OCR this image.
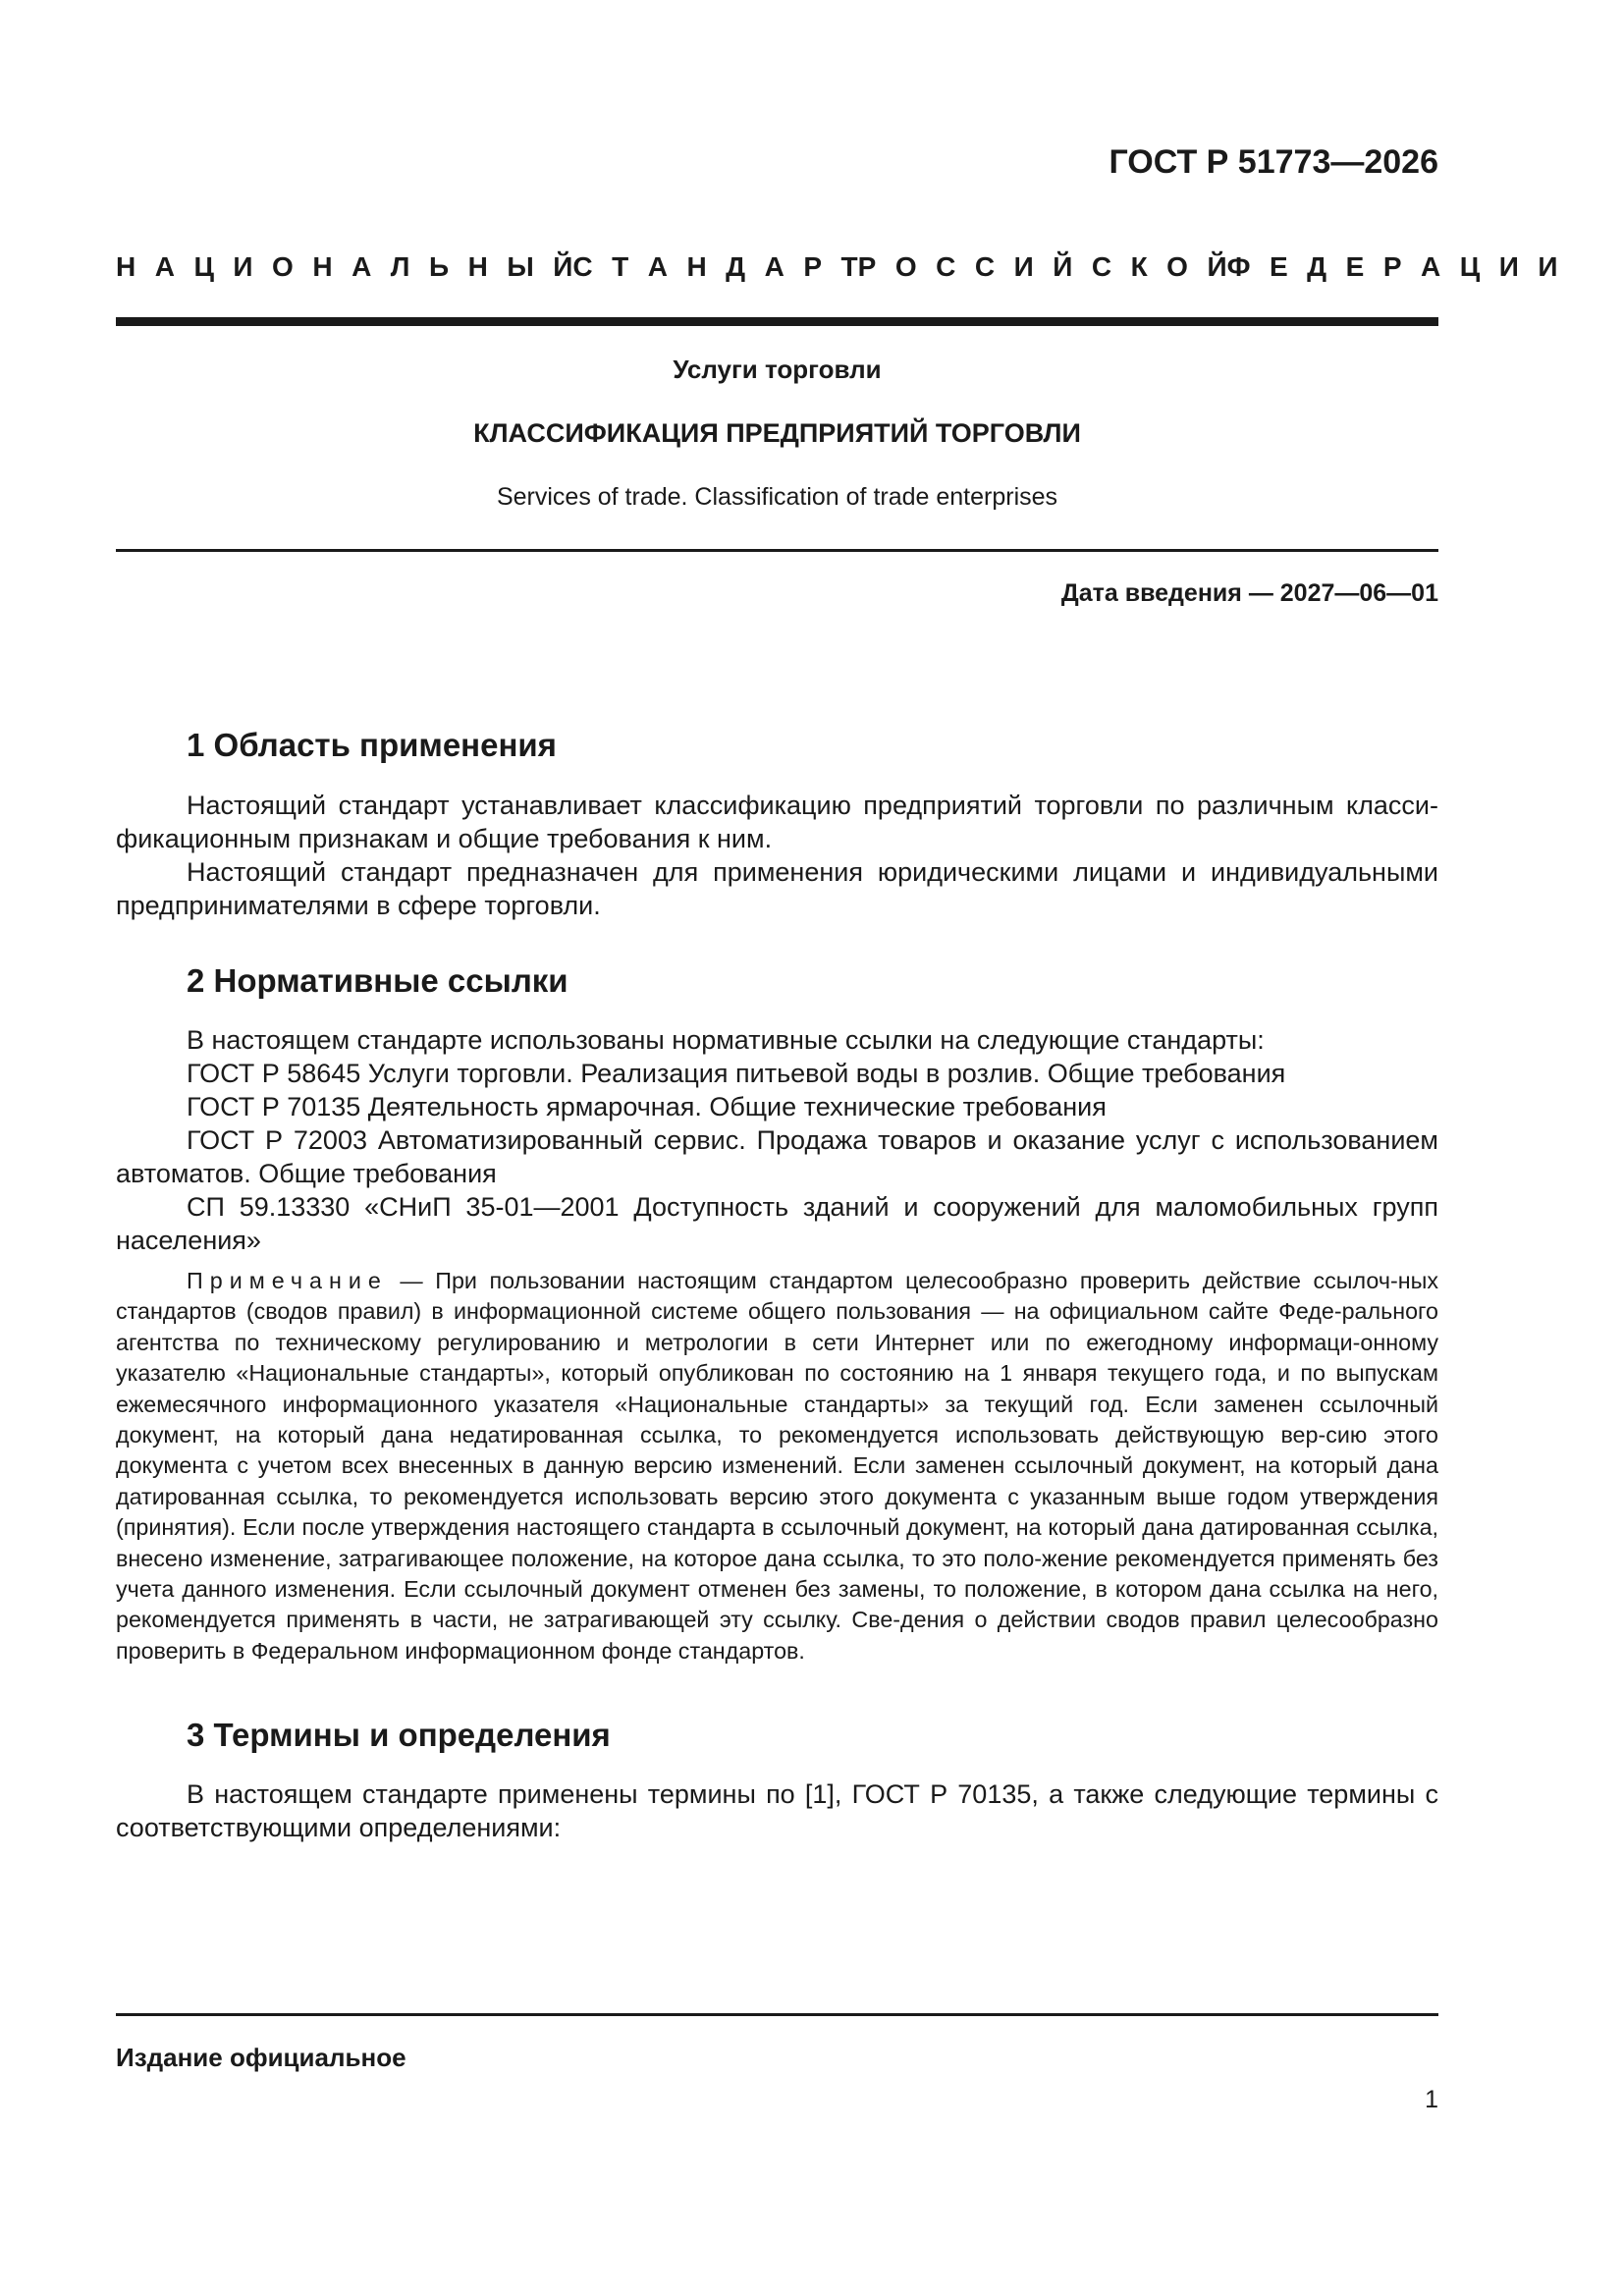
ГОСТ Р 51773—2026
Н А Ц И О Н А Л Ь Н Ы Й С Т А Н Д А Р Т Р О С С И Й С К О Й Ф Е Д Е Р А Ц И И
Услуги торговли
КЛАССИФИКАЦИЯ ПРЕДПРИЯТИЙ ТОРГОВЛИ
Services of trade. Classification of trade enterprises
Дата введения — 2027—06—01
1 Область применения

Настоящий стандарт устанавливает классификацию предприятий торговли по различным класси-фикационным признакам и общие требования к ним.

Настоящий стандарт предназначен для применения юридическими лицами и индивидуальными предпринимателями в сфере торговли.

2 Нормативные ссылки

В настоящем стандарте использованы нормативные ссылки на следующие стандарты:

ГОСТ Р 58645 Услуги торговли. Реализация питьевой воды в розлив. Общие требования

ГОСТ Р 70135 Деятельность ярмарочная. Общие технические требования

ГОСТ Р 72003 Автоматизированный сервис. Продажа товаров и оказание услуг с использованием автоматов. Общие требования

СП 59.13330 «СНиП 35-01—2001 Доступность зданий и сооружений для маломобильных групп населения»

Примечание — При пользовании настоящим стандартом целесообразно проверить действие ссылоч-ных стандартов (сводов правил) в информационной системе общего пользования — на официальном сайте Феде-рального агентства по техническому регулированию и метрологии в сети Интернет или по ежегодному информаци-онному указателю «Национальные стандарты», который опубликован по состоянию на 1 января текущего года, и по выпускам ежемесячного информационного указателя «Национальные стандарты» за текущий год. Если заменен ссылочный документ, на который дана недатированная ссылка, то рекомендуется использовать действующую вер-сию этого документа с учетом всех внесенных в данную версию изменений. Если заменен ссылочный документ, на который дана датированная ссылка, то рекомендуется использовать версию этого документа с указанным выше годом утверждения (принятия). Если после утверждения настоящего стандарта в ссылочный документ, на который дана датированная ссылка, внесено изменение, затрагивающее положение, на которое дана ссылка, то это поло-жение рекомендуется применять без учета данного изменения. Если ссылочный документ отменен без замены, то положение, в котором дана ссылка на него, рекомендуется применять в части, не затрагивающей эту ссылку. Све-дения о действии сводов правил целесообразно проверить в Федеральном информационном фонде стандартов.
3 Термины и определения

В настоящем стандарте применены термины по [1], ГОСТ Р 70135, а также следующие термины с соответствующими определениями:

Издание официальное
1
